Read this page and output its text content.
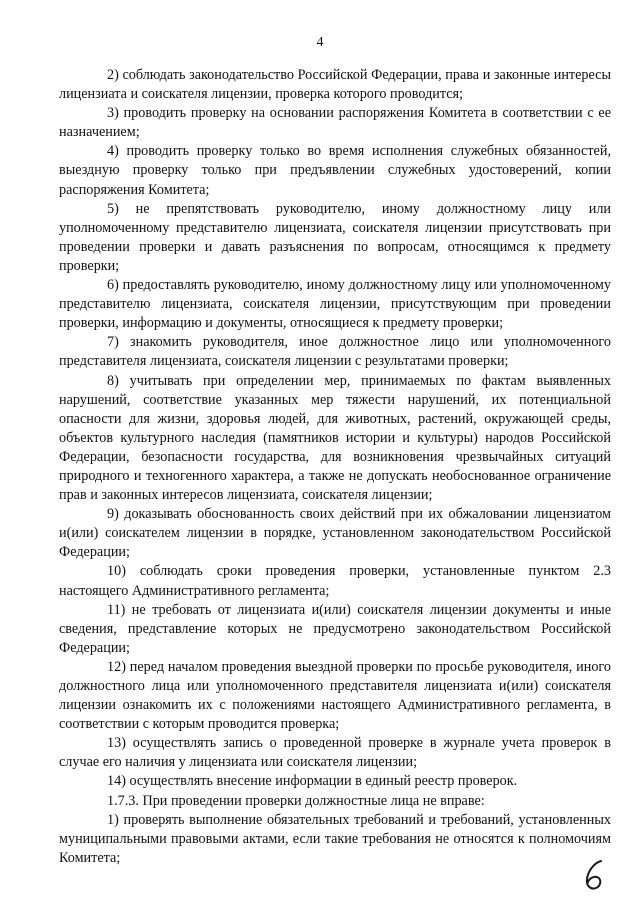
4

2) соблюдать законодательство Российской Федерации, права и законные интересы лицензиата и соискателя лицензии, проверка которого проводится;

3) проводить проверку на основании распоряжения Комитета в соответствии с ее назначением;

4) проводить проверку только во время исполнения служебных обязанностей, выездную проверку только при предъявлении служебных удостоверений, копии распоряжения Комитета;

5) не препятствовать руководителю, иному должностному лицу или уполномоченному представителю лицензиата, соискателя лицензии присутствовать при проведении проверки и давать разъяснения по вопросам, относящимся к предмету проверки;

6) предоставлять руководителю, иному должностному лицу или уполномоченному представителю лицензиата, соискателя лицензии, присутствующим при проведении проверки, информацию и документы, относящиеся к предмету проверки;

7) знакомить руководителя, иное должностное лицо или уполномоченного представителя лицензиата, соискателя лицензии с результатами проверки;

8) учитывать при определении мер, принимаемых по фактам выявленных нарушений, соответствие указанных мер тяжести нарушений, их потенциальной опасности для жизни, здоровья людей, для животных, растений, окружающей среды, объектов культурного наследия (памятников истории и культуры) народов Российской Федерации, безопасности государства, для возникновения чрезвычайных ситуаций природного и техногенного характера, а также не допускать необоснованное ограничение прав и законных интересов лицензиата, соискателя лицензии;

9) доказывать обоснованность своих действий при их обжаловании лицензиатом и(или) соискателем лицензии в порядке, установленном законодательством Российской Федерации;

10) соблюдать сроки проведения проверки, установленные пунктом 2.3 настоящего Административного регламента;

11) не требовать от лицензиата и(или) соискателя лицензии документы и иные сведения, представление которых не предусмотрено законодательством Российской Федерации;

12) перед началом проведения выездной проверки по просьбе руководителя, иного должностного лица или уполномоченного представителя лицензиата и(или) соискателя лицензии ознакомить их с положениями настоящего Административного регламента, в соответствии с которым проводится проверка;

13) осуществлять запись о проведенной проверке в журнале учета проверок в случае его наличия у лицензиата или соискателя лицензии;

14) осуществлять внесение информации в единый реестр проверок.

1.7.3. При проведении проверки должностные лица не вправе:

1) проверять выполнение обязательных требований и требований, установленных муниципальными правовыми актами, если такие требования не относятся к полномочиям Комитета;
